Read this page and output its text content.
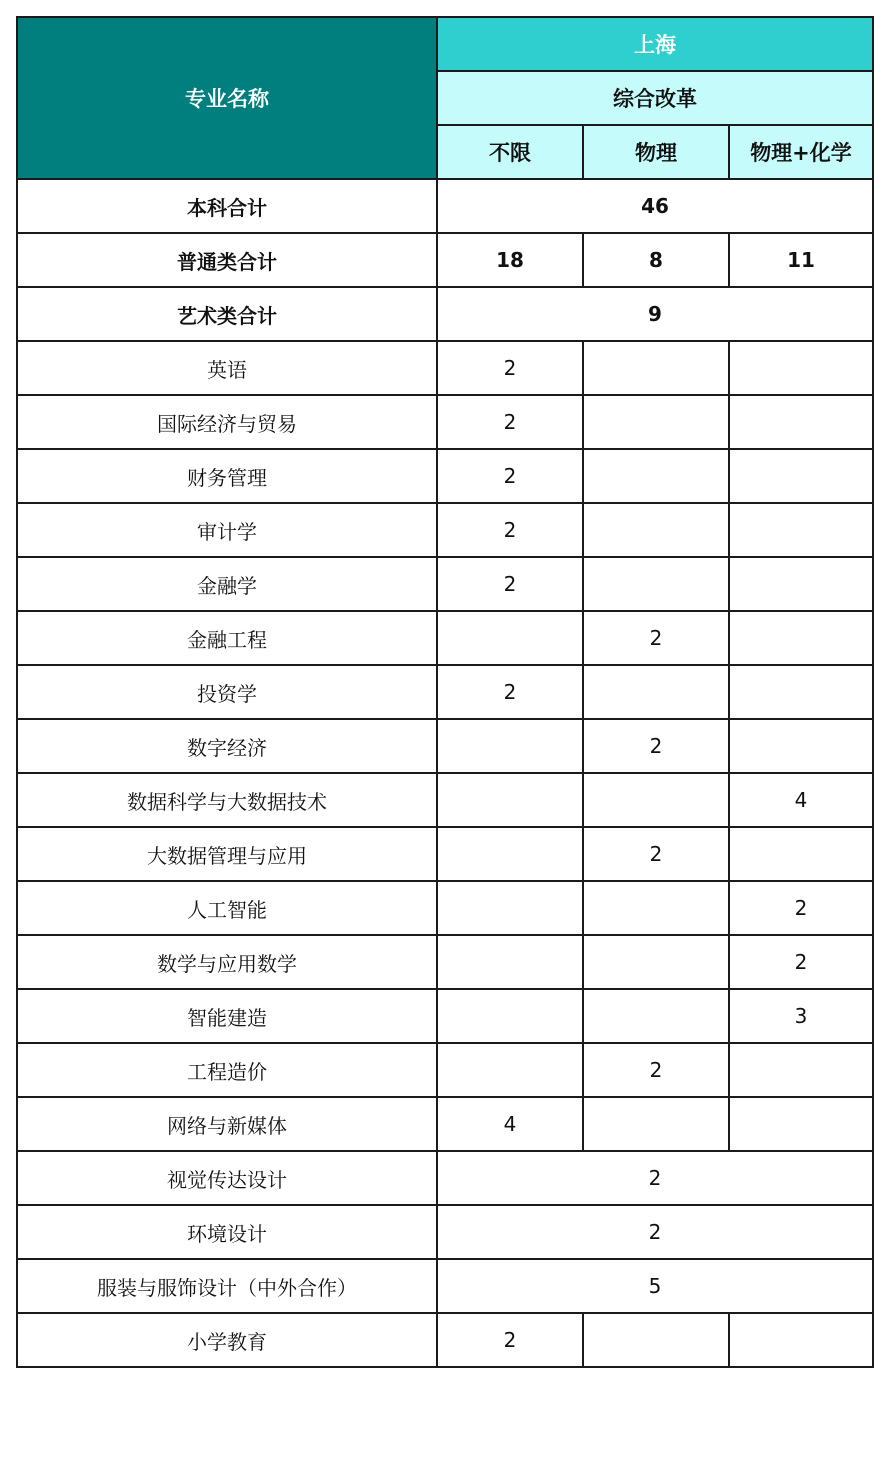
专业名称	上海		
	综合改革		
	不限	物理	物理+化学
本科合计	46		
普通类合计	18	8	11
艺术类合计	9		
英语	2		
国际经济与贸易	2		
财务管理	2		
审计学	2		
金融学	2		
金融工程		2	
投资学	2		
数字经济		2	
数据科学与大数据技术			4
大数据管理与应用		2	
人工智能			2
数学与应用数学			2
智能建造			3
工程造价		2	
网络与新媒体	4		
视觉传达设计	2		
环境设计	2		
服装与服饰设计（中外合作）	5		
小学教育	2		
